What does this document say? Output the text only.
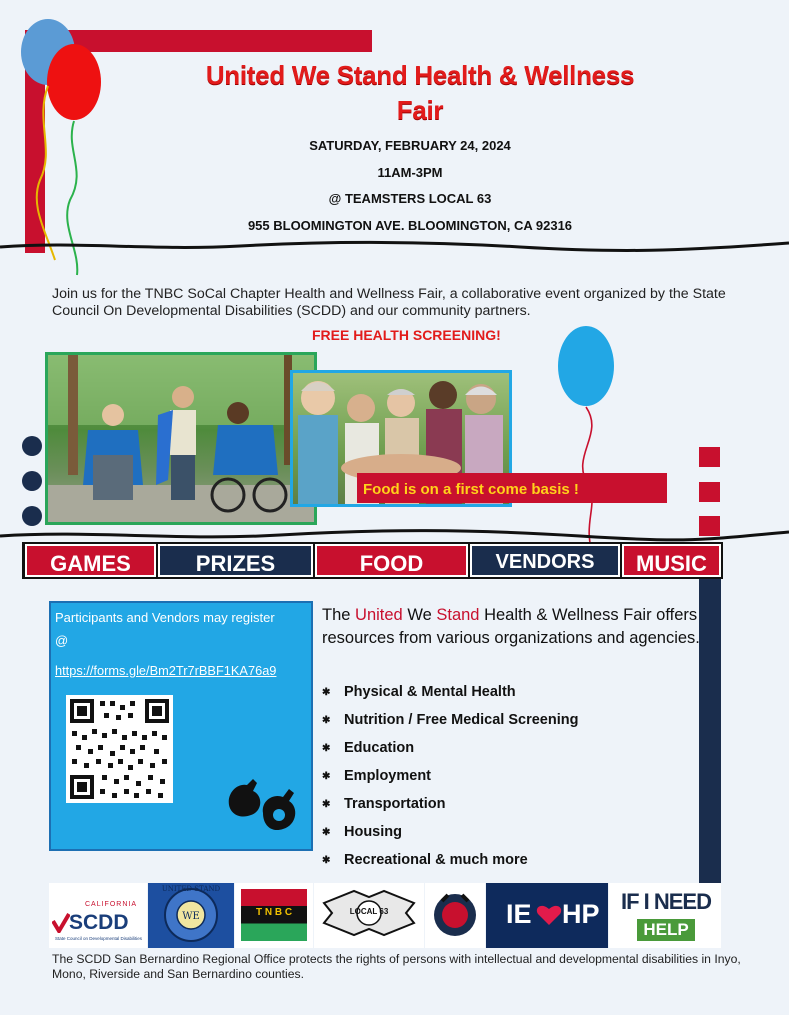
United We Stand Health & Wellness
Fair
SATURDAY, FEBRUARY 24, 2024
11AM-3PM
@ TEAMSTERS LOCAL 63
955 BLOOMINGTON AVE. BLOOMINGTON, CA 92316
Join us for the TNBC SoCal Chapter Health and Wellness Fair, a collaborative event organized by the State Council On Developmental Disabilities (SCDD) and our community partners.
FREE HEALTH SCREENING!
Food is on a first come basis !
GAMES	PRIZES	FOOD	VENDORS	MUSIC
Participants and Vendors may register
@
https://forms.gle/Bm2Tr7rBBF1KA76a9
The United We Stand Health & Wellness Fair offers resources from various organizations and agencies.
✱ Physical & Mental Health
✱ Nutrition / Free Medical Screening
✱ Education
✱ Employment
✱ Transportation
✱ Housing
✱ Recreational & much more
CALIFORNIA
SCDD
State Council on Developmental Disabilities
WE
UNITED STAND
T N B C	LOCAL 63	IE HP IF I NEED
HELP
The SCDD San Bernardino Regional Office protects the rights of persons with intellectual and developmental disabilities in Inyo, Mono, Riverside and San Bernardino counties.
